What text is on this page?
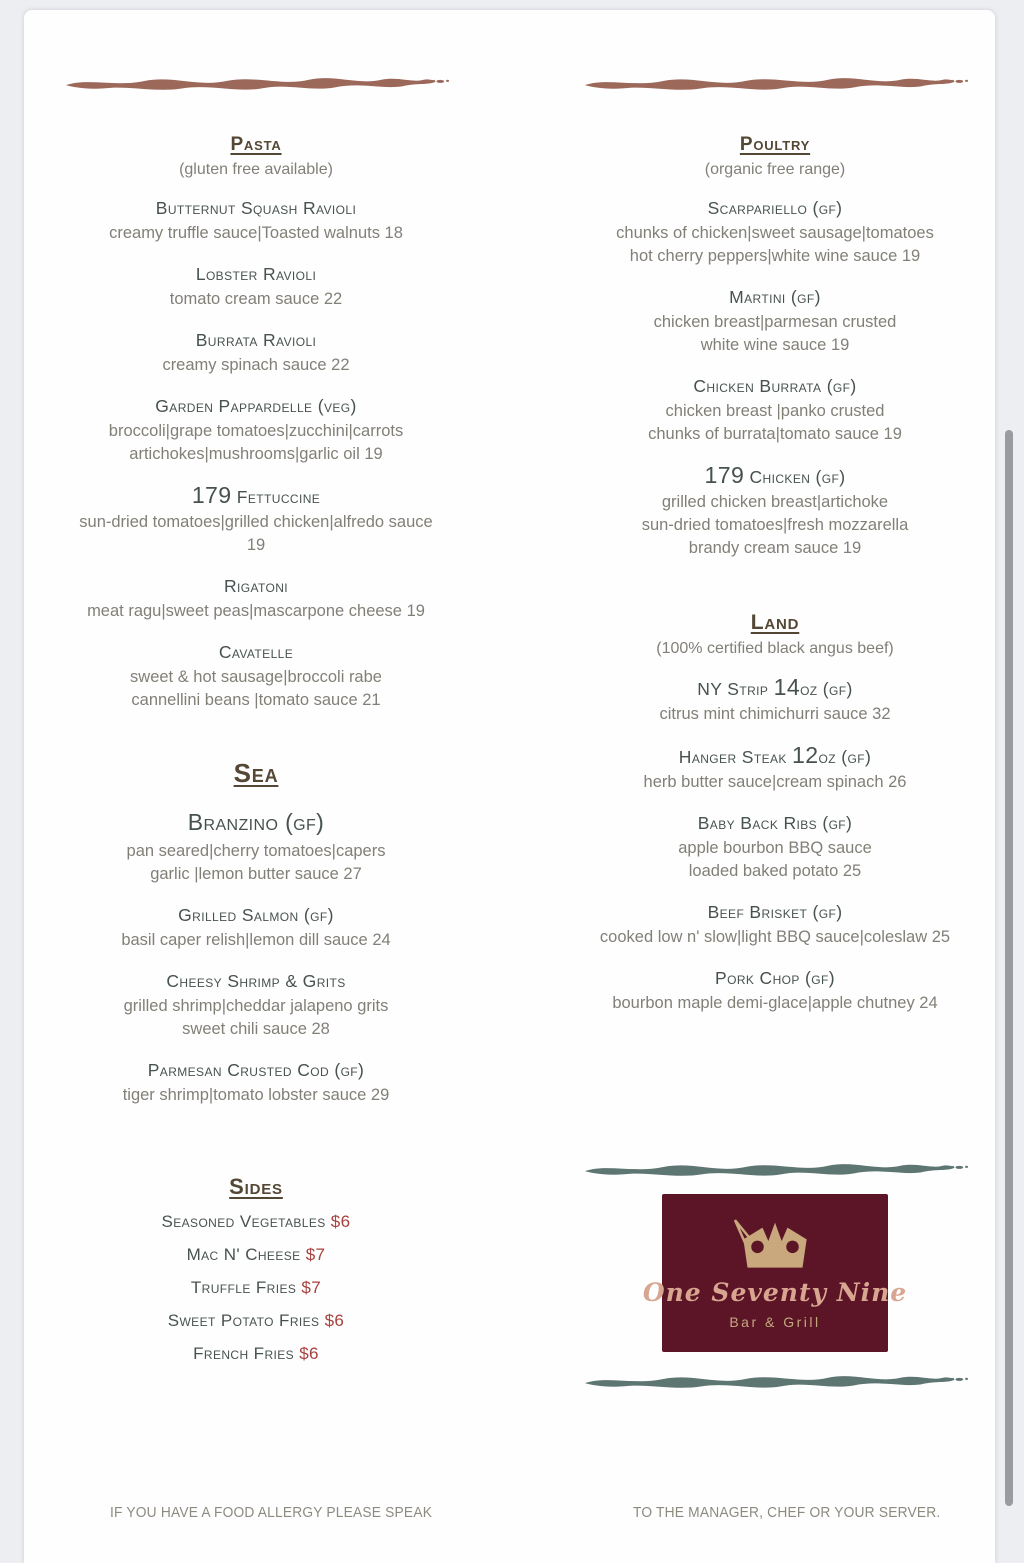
Pasta
(gluten free available)
Butternut Squash Ravioli
creamy truffle sauce|Toasted walnuts 18
Lobster Ravioli
tomato cream sauce 22
Burrata Ravioli
creamy spinach sauce 22
Garden Pappardelle (veg)
broccoli|grape tomatoes|zucchini|carrots
artichokes|mushrooms|garlic oil 19
179 Fettuccine
sun-dried tomatoes|grilled chicken|alfredo sauce
19
Rigatoni
meat ragu|sweet peas|mascarpone cheese 19
Cavatelle
sweet & hot sausage|broccoli rabe
cannellini beans |tomato sauce 21
Sea
Branzino (gf)
pan seared|cherry tomatoes|capers
garlic |lemon butter sauce 27
Grilled Salmon (gf)
basil caper relish|lemon dill sauce 24
Cheesy Shrimp & Grits
grilled shrimp|cheddar jalapeno grits
sweet chili sauce 28
Parmesan Crusted Cod (gf)
tiger shrimp|tomato lobster sauce 29
Sides
Seasoned Vegetables $6
Mac N' Cheese $7
Truffle Fries $7
Sweet Potato Fries $6
French Fries $6

Poultry
(organic free range)
Scarpariello (gf)
chunks of chicken|sweet sausage|tomatoes
hot cherry peppers|white wine sauce 19
Martini (gf)
chicken breast|parmesan crusted
white wine sauce 19
Chicken Burrata (gf)
chicken breast |panko crusted
chunks of burrata|tomato sauce 19
179 Chicken (gf)
grilled chicken breast|artichoke
sun-dried tomatoes|fresh mozzarella
brandy cream sauce 19
Land
(100% certified black angus beef)
NY Strip 14oz (gf)
citrus mint chimichurri sauce 32
Hanger Steak 12oz (gf)
herb butter sauce|cream spinach 26
Baby Back Ribs (gf)
apple bourbon BBQ sauce
loaded baked potato 25
Beef Brisket (gf)
cooked low n' slow|light BBQ sauce|coleslaw 25
Pork Chop (gf)
bourbon maple demi-glace|apple chutney 24
One Seventy Nine
Bar & Grill
IF YOU HAVE A FOOD ALLERGY PLEASE SPEAK	TO THE MANAGER, CHEF OR YOUR SERVER.
